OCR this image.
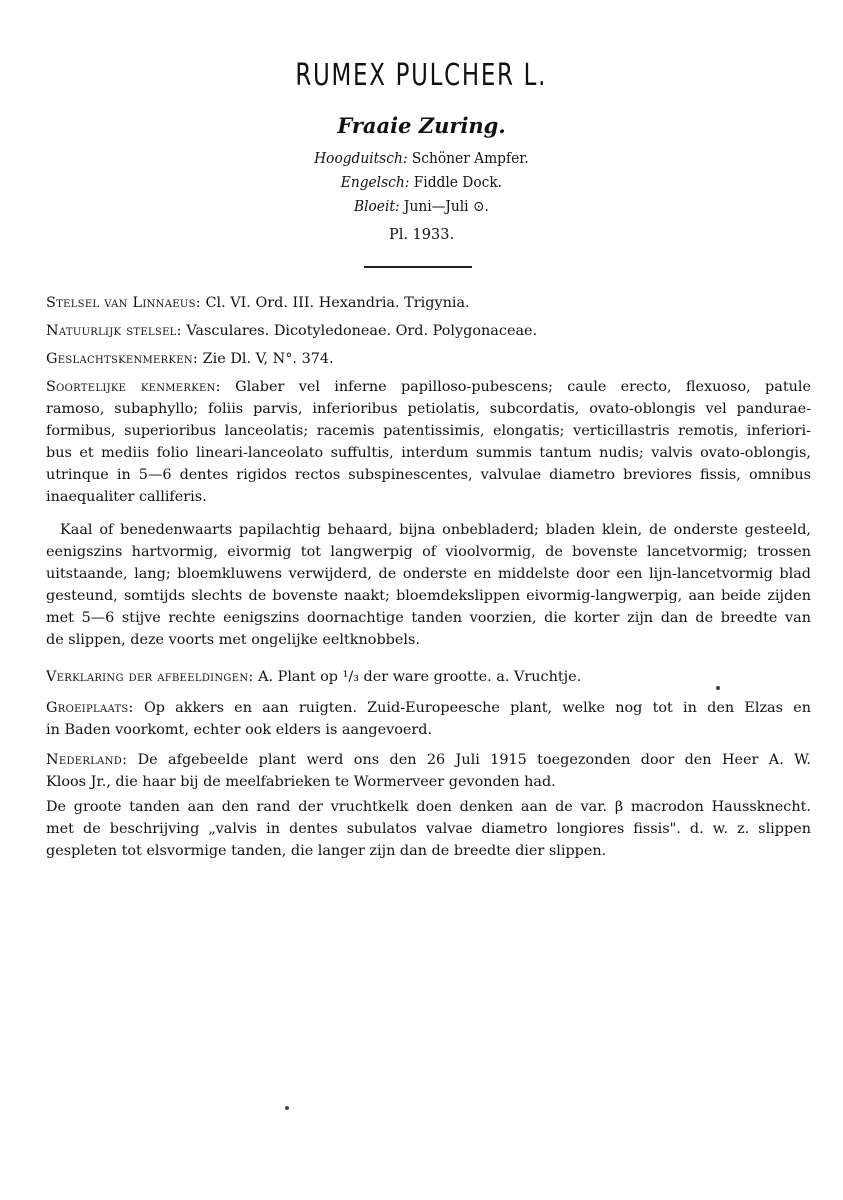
RUMEX PULCHER L.
Fraaie Zuring.
Hoogduitsch: Schöner Ampfer.
Engelsch: Fiddle Dock.
Bloeit: Juni—Juli ⊙.
Pl. 1933.
Stelsel van Linnaeus: Cl. VI. Ord. III. Hexandria. Trigynia.
Natuurlijk stelsel: Vasculares. Dicotyledoneae. Ord. Polygonaceae.
Geslachtskenmerken: Zie Dl. V, N°. 374.
Soortelijke kenmerken: Glaber vel inferne papilloso-pubescens; caule erecto, flexuoso, patule
ramoso, subaphyllo; foliis parvis, inferioribus petiolatis, subcordatis, ovato-oblongis vel pandurae-
formibus, superioribus lanceolatis; racemis patentissimis, elongatis; verticillastris remotis, inferiori-
bus et mediis folio lineari-lanceolato suffultis, interdum summis tantum nudis; valvis ovato-oblongis,
utrinque in 5—6 dentes rigidos rectos subspinescentes, valvulae diametro breviores fissis, omnibus
inaequaliter calliferis.
Kaal of benedenwaarts papilachtig behaard, bijna onbebladerd; bladen klein, de onderste gesteeld,
eenigszins hartvormig, eivormig tot langwerpig of vioolvormig, de bovenste lancetvormig; trossen
uitstaande, lang; bloemkluwens verwijderd, de onderste en middelste door een lijn-lancetvormig blad
gesteund, somtijds slechts de bovenste naakt; bloemdekslippen eivormig-langwerpig, aan beide zijden
met 5—6 stijve rechte eenigszins doornachtige tanden voorzien, die korter zijn dan de breedte van
de slippen, deze voorts met ongelijke eeltknobbels.
Verklaring der afbeeldingen: A. Plant op ¹/₃ der ware grootte. a. Vruchtje.
Groeiplaats: Op akkers en aan ruigten. Zuid-Europeesche plant, welke nog tot in den Elzas en
in Baden voorkomt, echter ook elders is aangevoerd.
Nederland: De afgebeelde plant werd ons den 26 Juli 1915 toegezonden door den Heer A. W.
Kloos Jr., die haar bij de meelfabrieken te Wormerveer gevonden had.
De groote tanden aan den rand der vruchtkelk doen denken aan de var. β macrodon Haussknecht.
met de beschrijving „valvis in dentes subulatos valvae diametro longiores fissis". d. w. z. slippen
gespleten tot elsvormige tanden, die langer zijn dan de breedte dier slippen.
